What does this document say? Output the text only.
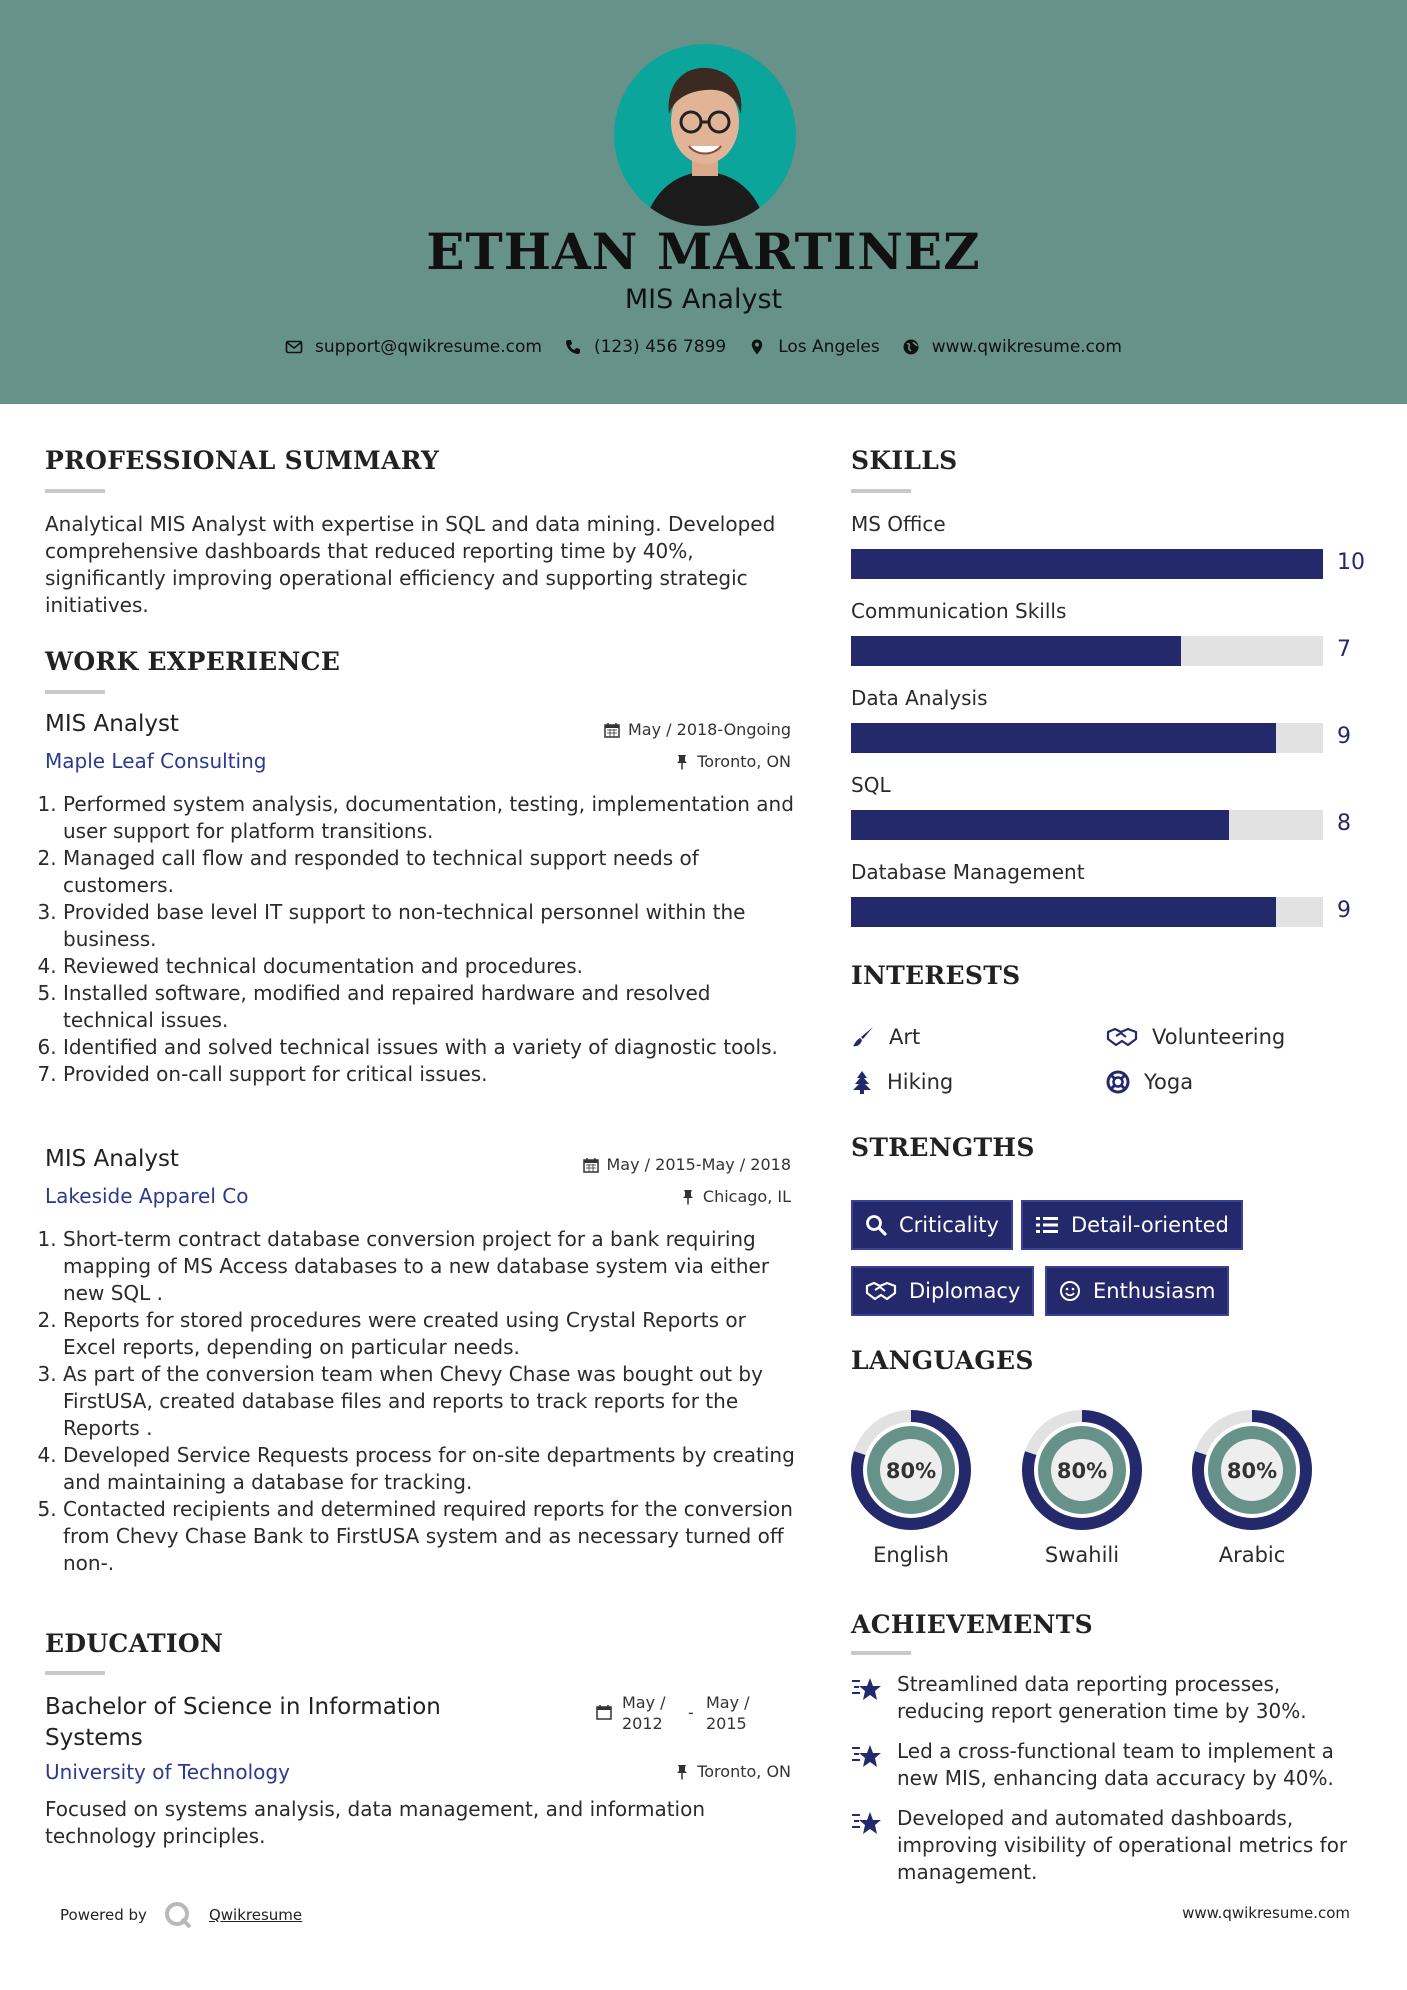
ETHAN MARTINEZ
MIS Analyst
support@qwikresume.com	(123) 456 7899	Los Angeles	www.qwikresume.com
PROFESSIONAL SUMMARY
Analytical MIS Analyst with expertise in SQL and data mining. Developed comprehensive dashboards that reduced reporting time by 40%, significantly improving operational efficiency and supporting strategic initiatives.
WORK EXPERIENCE
MIS Analyst	May / 2018-Ongoing
Maple Leaf Consulting	Toronto, ON
1. Performed system analysis, documentation, testing, implementation and user support for platform transitions.
2. Managed call flow and responded to technical support needs of customers.
3. Provided base level IT support to non-technical personnel within the business.
4. Reviewed technical documentation and procedures.
5. Installed software, modified and repaired hardware and resolved technical issues.
6. Identified and solved technical issues with a variety of diagnostic tools.
7. Provided on-call support for critical issues.
MIS Analyst	May / 2015-May / 2018
Lakeside Apparel Co	Chicago, IL
1. Short-term contract database conversion project for a bank requiring mapping of MS Access databases to a new database system via either new SQL .
2. Reports for stored procedures were created using Crystal Reports or Excel reports, depending on particular needs.
3. As part of the conversion team when Chevy Chase was bought out by FirstUSA, created database files and reports to track reports for the Reports .
4. Developed Service Requests process for on-site departments by creating and maintaining a database for tracking.
5. Contacted recipients and determined required reports for the conversion from Chevy Chase Bank to FirstUSA system and as necessary turned off non-.
EDUCATION
Bachelor of Science in Information Systems
May / 2012
-
May / 2015
University of Technology	Toronto, ON
Focused on systems analysis, data management, and information technology principles.
SKILLS
MS Office
10
Communication Skills
7
Data Analysis
9
SQL
8
Database Management
9
INTERESTS
Art	Volunteering
Hiking	Yoga
STRENGTHS
Criticality	Detail-oriented
Diplomacy	Enthusiasm
LANGUAGES
80%
English
80%
Swahili
80%
Arabic
ACHIEVEMENTS
Streamlined data reporting processes, reducing report generation time by 30%.
Led a cross-functional team to implement a new MIS, enhancing data accuracy by 40%.
Developed and automated dashboards, improving visibility of operational metrics for management.
Powered by	Qwikresume	www.qwikresume.com
